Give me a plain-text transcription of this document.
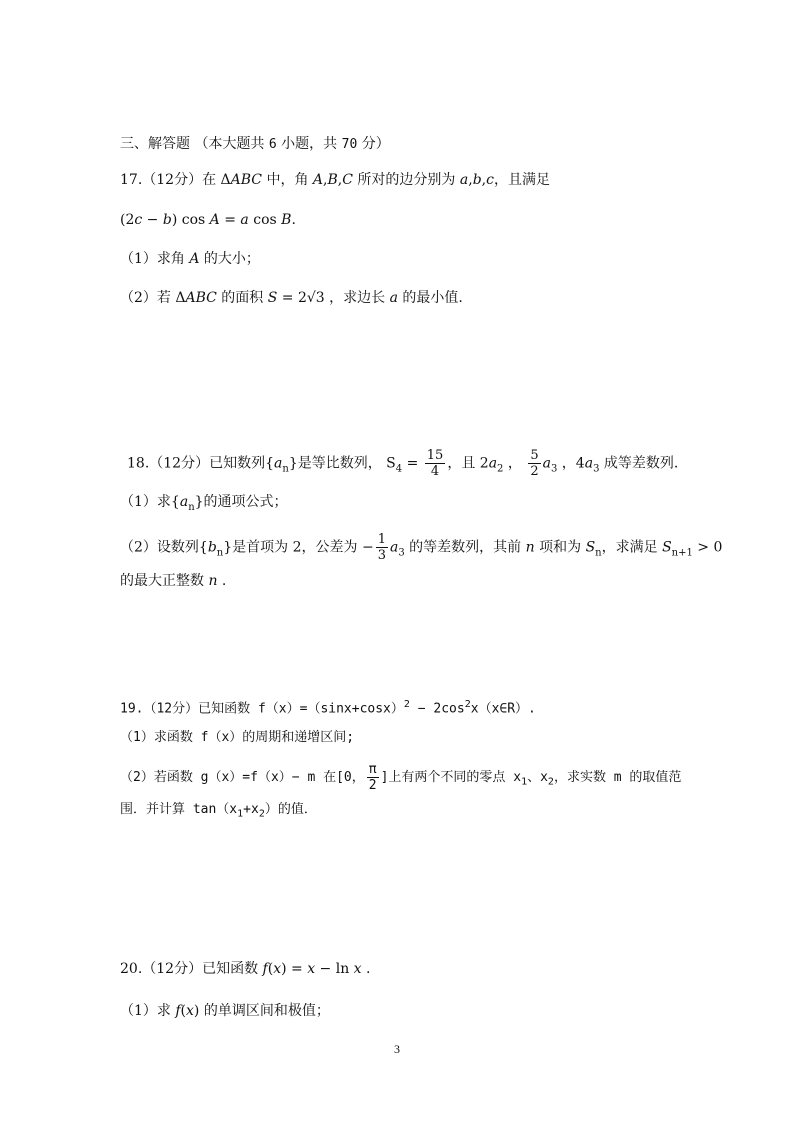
三、解答题 （本大题共 6 小题，共 70 分）
17.（12分）在 ΔABC 中，角 A,B,C 所对的边分别为 a,b,c，且满足
(2c − b) cos A = a cos B.
（1）求角 A 的大小；
（2）若 ΔABC 的面积 S = 2√3 ，求边长 a 的最小值.
18.（12分）已知数列$\{a_n\}$是等比数列， $S_4 = \frac{15}{4}$ ，且 $2a_2$ ， $\frac{5}{2} a_3$ ，$4a_3$ 成等差数列.
（1）求$\{a_n\}$的通项公式；
（2）设数列$\{b_n\}$是首项为 2，公差为 − $\frac{1}{3} a_3$ 的等差数列，其前 n 项和为 $S_n$，求满足 $S_{n+1} > 0$
的最大正整数 n .
19.（12分）已知函数 $f(x)=(\sin x+\cos x)^2$ − $2\cos^2x(x\in R)$.
（1）求函数 f（x）的周期和递增区间;
（2）若函数 g（x）=f（x）− m 在[0， $\frac{\pi}{2}$ ]上有两个不同的零点 $x_1$、$x_2$，求实数 m 的取值范
围．并计算 $\tan(x_1+x_2)$的值．
20.（12分）已知函数 f(x) = x − ln x .
（1）求 f(x) 的单调区间和极值；
3
